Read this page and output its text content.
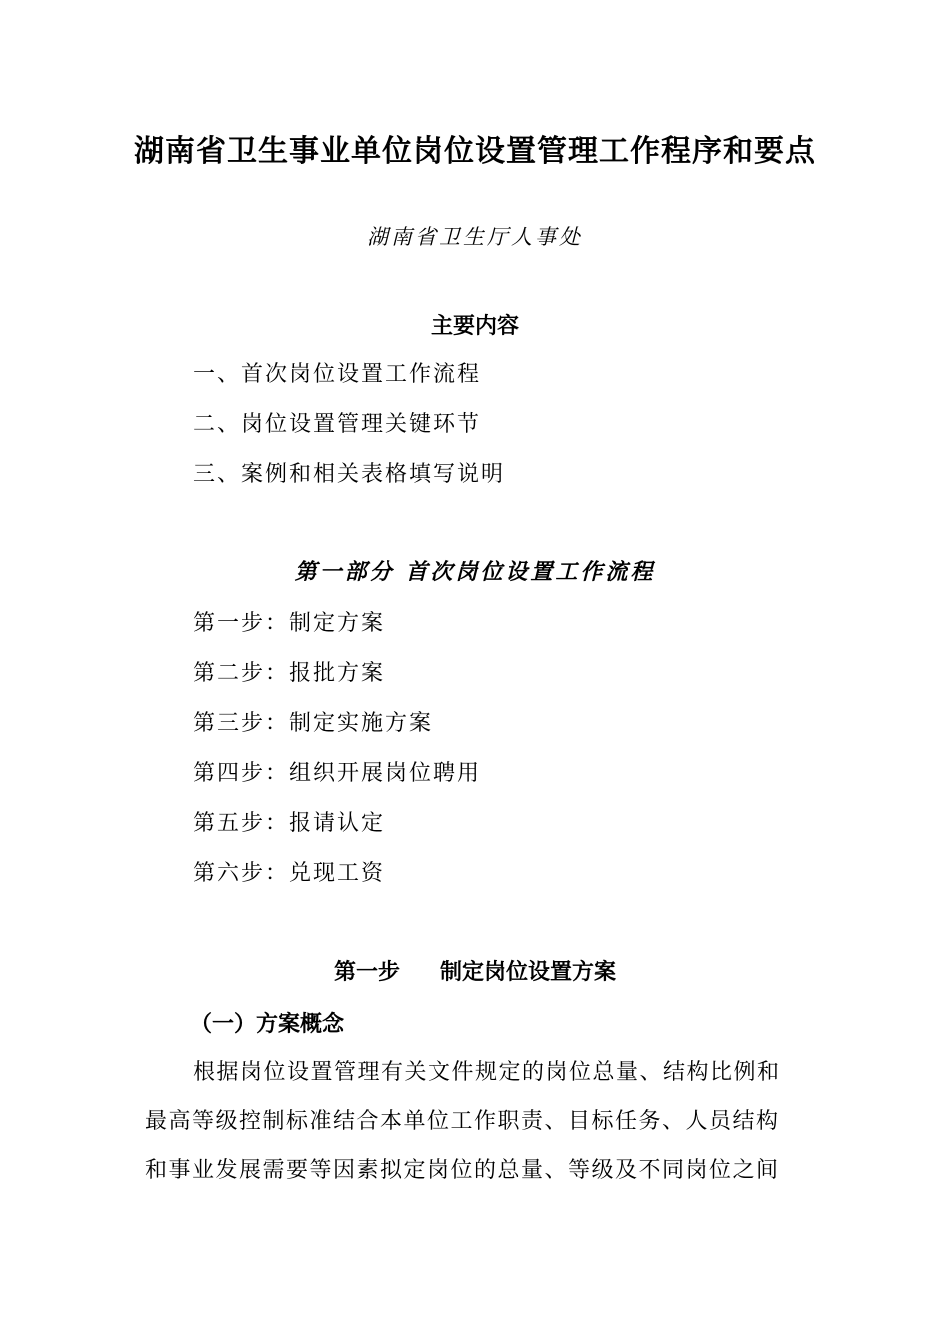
湖南省卫生事业单位岗位设置管理工作程序和要点
湖南省卫生厅人事处
主要内容
一、首次岗位设置工作流程
二、岗位设置管理关键环节
三、案例和相关表格填写说明
第一部分 首次岗位设置工作流程
第一步：制定方案
第二步：报批方案
第三步：制定实施方案
第四步：组织开展岗位聘用
第五步：报请认定
第六步：兑现工资
第一步 制定岗位设置方案
（一）方案概念
根据岗位设置管理有关文件规定的岗位总量、结构比例和
最高等级控制标准结合本单位工作职责、目标任务、人员结构
和事业发展需要等因素拟定岗位的总量、等级及不同岗位之间
